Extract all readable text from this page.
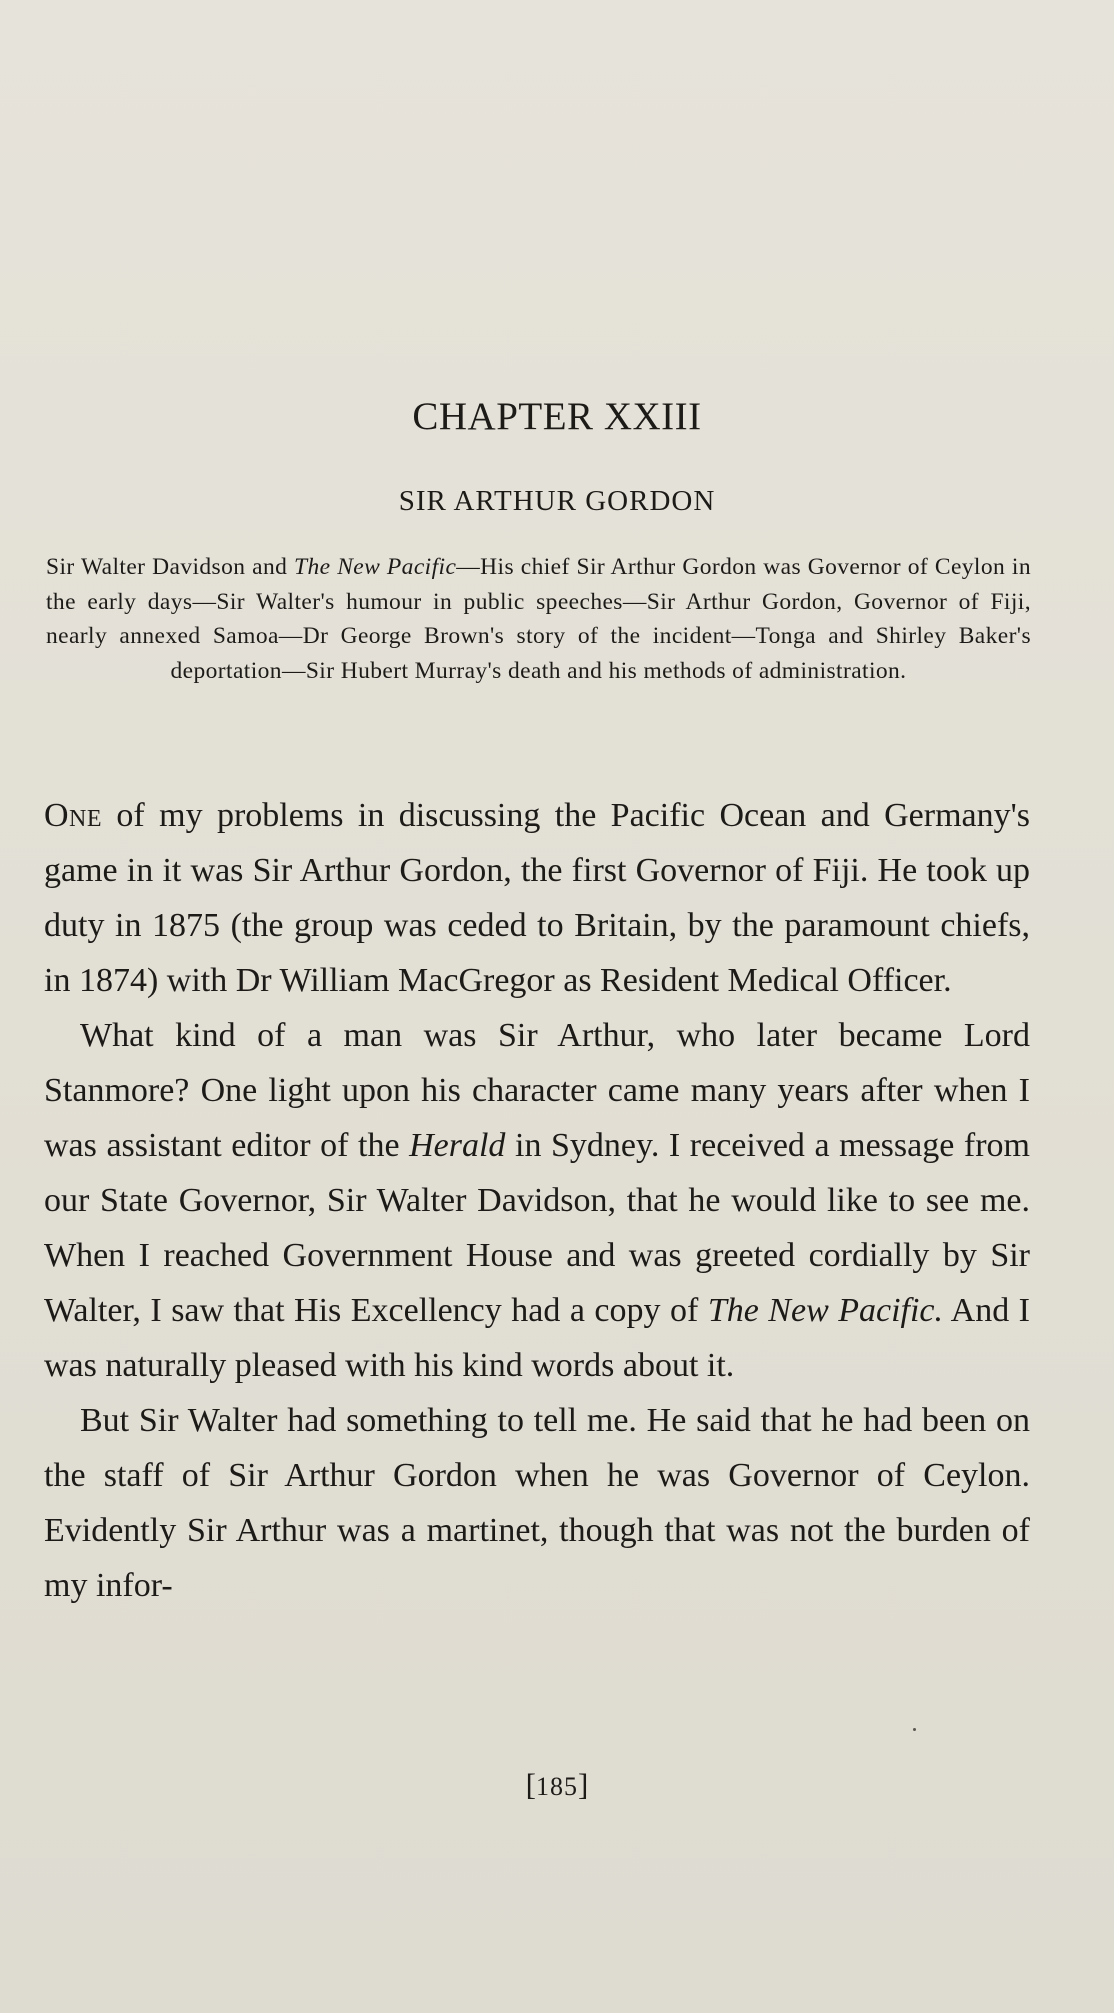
CHAPTER XXIII
SIR ARTHUR GORDON
Sir Walter Davidson and The New Pacific—His chief Sir Arthur Gordon was Governor of Ceylon in the early days—Sir Walter's humour in public speeches—Sir Arthur Gordon, Governor of Fiji, nearly annexed Samoa—Dr George Brown's story of the incident—Tonga and Shirley Baker's deportation—Sir Hubert Murray's death and his methods of administration.

One of my problems in discussing the Pacific Ocean and Germany's game in it was Sir Arthur Gordon, the first Governor of Fiji. He took up duty in 1875 (the group was ceded to Britain, by the paramount chiefs, in 1874) with Dr William MacGregor as Resident Medical Officer.

What kind of a man was Sir Arthur, who later became Lord Stanmore? One light upon his character came many years after when I was assistant editor of the Herald in Sydney. I received a message from our State Governor, Sir Walter Davidson, that he would like to see me. When I reached Government House and was greeted cordially by Sir Walter, I saw that His Excellency had a copy of The New Pacific. And I was naturally pleased with his kind words about it.

But Sir Walter had something to tell me. He said that he had been on the staff of Sir Arthur Gordon when he was Governor of Ceylon. Evidently Sir Arthur was a martinet, though that was not the burden of my infor-

[185]
